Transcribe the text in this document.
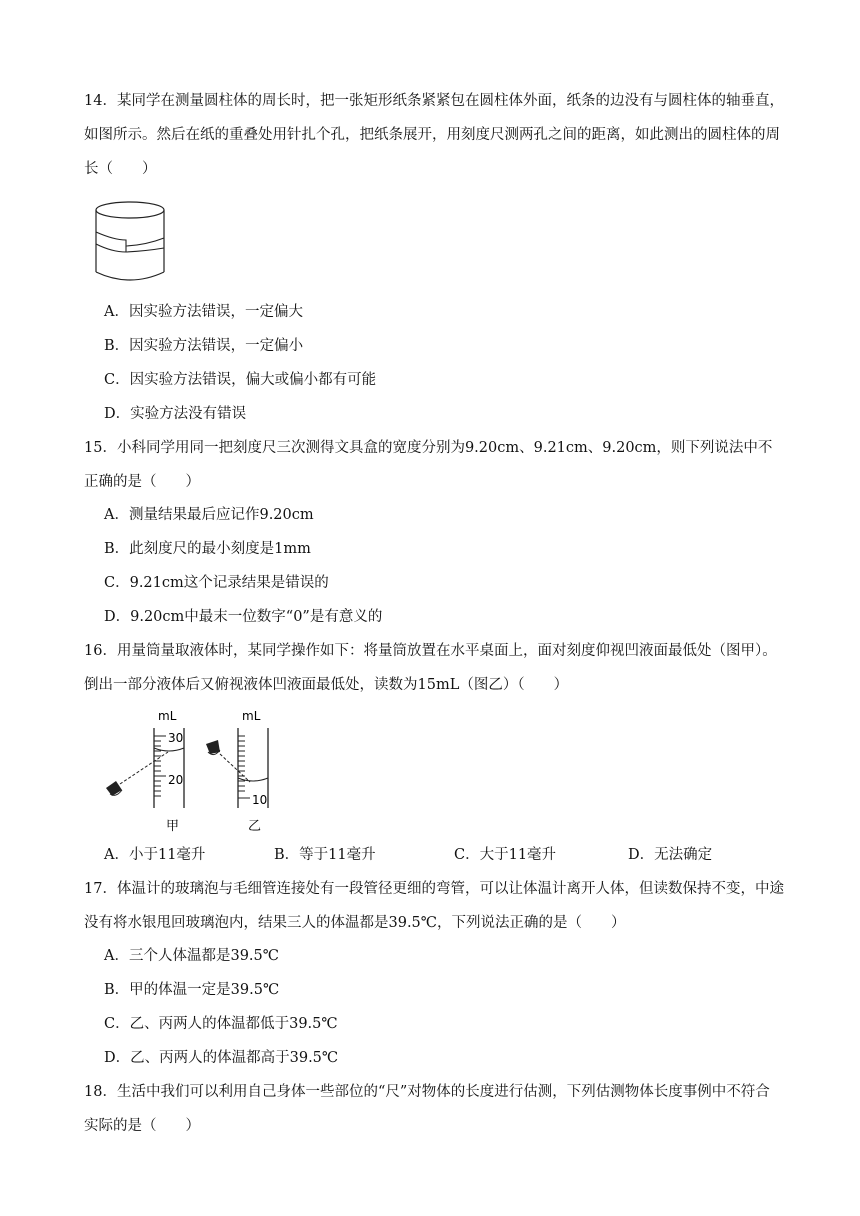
14．某同学在测量圆柱体的周长时，把一张矩形纸条紧紧包在圆柱体外面，纸条的边没有与圆柱体的轴垂直，如图所示。然后在纸的重叠处用针扎个孔，把纸条展开，用刻度尺测两孔之间的距离，如此测出的圆柱体的周长（　　）

A．因实验方法错误，一定偏大
B．因实验方法错误，一定偏小
C．因实验方法错误，偏大或偏小都有可能
D．实验方法没有错误

15．小科同学用同一把刻度尺三次测得文具盒的宽度分别为9.20cm、9.21cm、9.20cm，则下列说法中不正确的是（　　）

A．测量结果最后应记作9.20cm
B．此刻度尺的最小刻度是1mm
C．9.21cm这个记录结果是错误的
D．9.20cm中最末一位数字“0”是有意义的

16．用量筒量取液体时，某同学操作如下：将量筒放置在水平桌面上，面对刻度仰视凹液面最低处（图甲）。倒出一部分液体后又俯视液体凹液面最低处，读数为15mL（图乙）（　　）

mL
30
20
甲
mL
10
乙
A．小于11毫升	B．等于11毫升	C．大于11毫升	D．无法确定

17．体温计的玻璃泡与毛细管连接处有一段管径更细的弯管，可以让体温计离开人体，但读数保持不变，中途没有将水银甩回玻璃泡内，结果三人的体温都是39.5℃，下列说法正确的是（　　）

A．三个人体温都是39.5℃
B．甲的体温一定是39.5℃
C．乙、丙两人的体温都低于39.5℃
D．乙、丙两人的体温都高于39.5℃

18．生活中我们可以利用自己身体一些部位的“尺”对物体的长度进行估测，下列估测物体长度事例中不符合实际的是（　　）
